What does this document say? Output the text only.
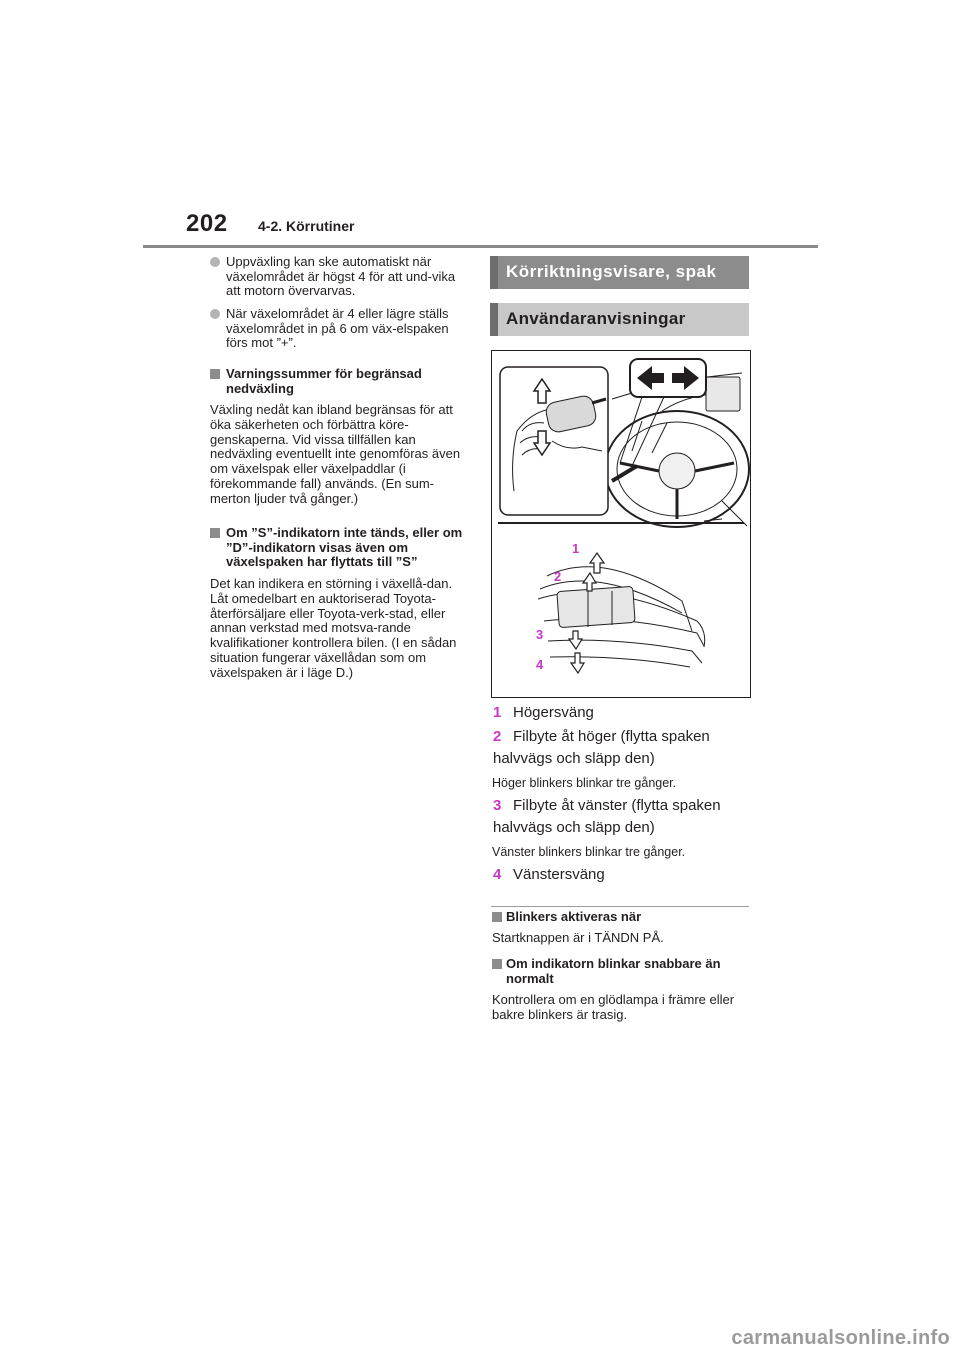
202 4-2. Körrutiner
Uppväxling kan ske automatiskt när växelområdet är högst 4 för att und-vika att motorn övervarvas.
När växelområdet är 4 eller lägre ställs växelområdet in på 6 om väx-elspaken förs mot ”+”.
Varningssummer för begränsad nedväxling
Växling nedåt kan ibland begränsas för att öka säkerheten och förbättra köre-genskaperna. Vid vissa tillfällen kan nedväxling eventuellt inte genomföras även om växelspak eller växelpaddlar (i förekommande fall) används. (En sum-merton ljuder två gånger.)
Om ”S”-indikatorn inte tänds, eller om ”D”-indikatorn visas även om växelspaken har flyttats till ”S”
Det kan indikera en störning i växellå-dan. Låt omedelbart en auktoriserad Toyota-återförsäljare eller Toyota-verk-stad, eller annan verkstad med motsva-rande kvalifikationer kontrollera bilen. (I en sådan situation fungerar växellådan som om växelspaken är i läge D.)
Körriktningsvisare, spak
Användaranvisningar
1
2
3
4
1 Högersväng
2 Filbyte åt höger (flytta spaken halvvägs och släpp den)
Höger blinkers blinkar tre gånger.
3 Filbyte åt vänster (flytta spaken halvvägs och släpp den)
Vänster blinkers blinkar tre gånger.
4 Vänstersväng
Blinkers aktiveras när
Startknappen är i TÄNDN PÅ.
Om indikatorn blinkar snabbare än normalt
Kontrollera om en glödlampa i främre eller bakre blinkers är trasig.
carmanualsonline.info
